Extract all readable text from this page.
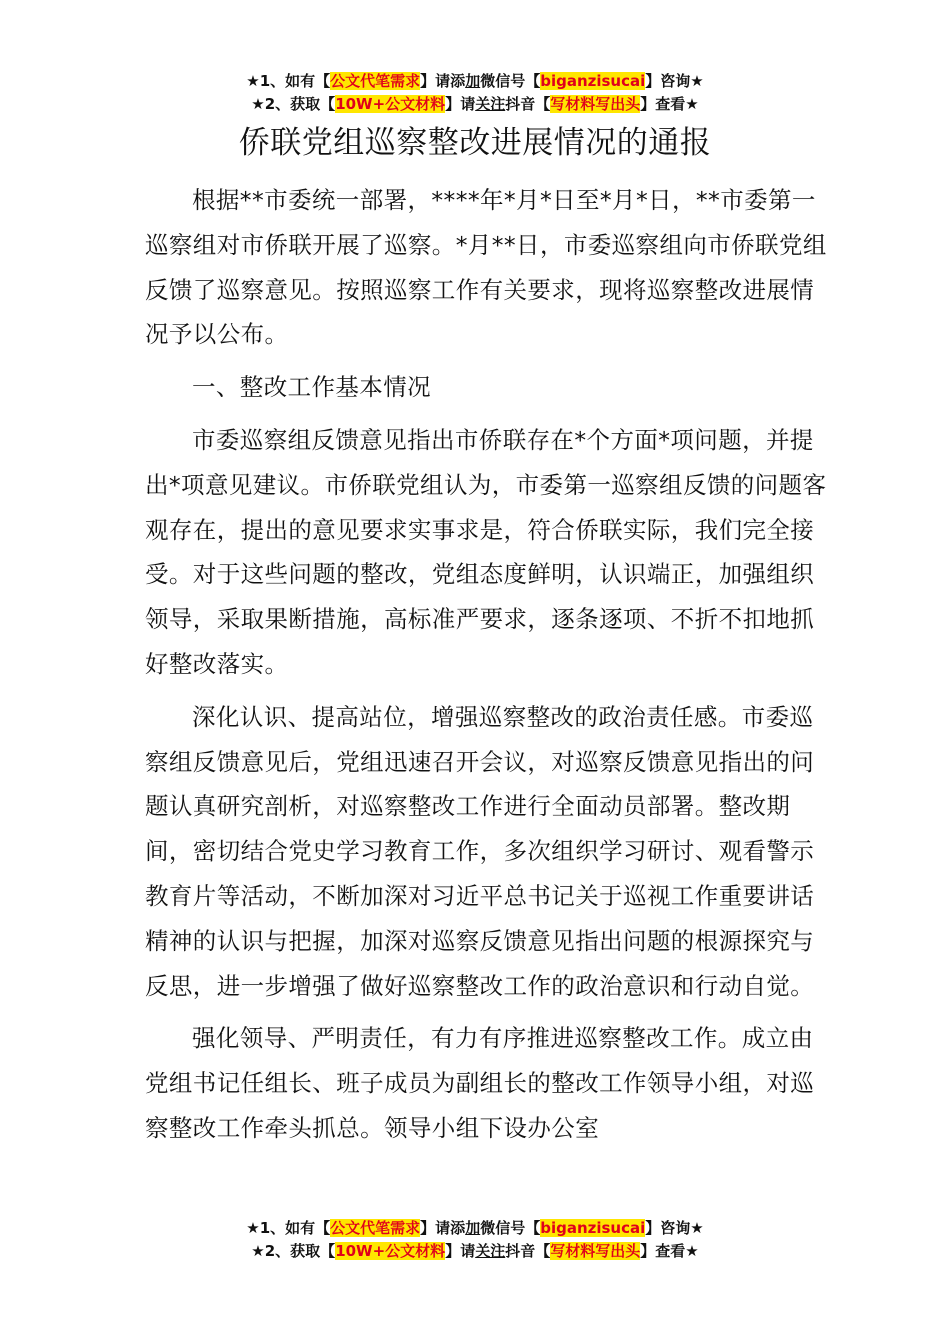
★1、如有【公文代笔需求】请添加微信号【biganzisucai】咨询★
★2、获取【10W+公文材料】请关注抖音【写材料写出头】查看★
侨联党组巡察整改进展情况的通报

根据**市委统一部署，****年*月*日至*月*日，**市委第一巡察组对市侨联开展了巡察。*月**日，市委巡察组向市侨联党组反馈了巡察意见。按照巡察工作有关要求，现将巡察整改进展情况予以公布。

一、整改工作基本情况

市委巡察组反馈意见指出市侨联存在*个方面*项问题，并提出*项意见建议。市侨联党组认为，市委第一巡察组反馈的问题客观存在，提出的意见要求实事求是，符合侨联实际，我们完全接受。对于这些问题的整改，党组态度鲜明，认识端正，加强组织领导，采取果断措施，高标准严要求，逐条逐项、不折不扣地抓好整改落实。

深化认识、提高站位，增强巡察整改的政治责任感。市委巡察组反馈意见后，党组迅速召开会议，对巡察反馈意见指出的问题认真研究剖析，对巡察整改工作进行全面动员部署。整改期间，密切结合党史学习教育工作，多次组织学习研讨、观看警示教育片等活动，不断加深对习近平总书记关于巡视工作重要讲话精神的认识与把握，加深对巡察反馈意见指出问题的根源探究与反思，进一步增强了做好巡察整改工作的政治意识和行动自觉。

强化领导、严明责任，有力有序推进巡察整改工作。成立由党组书记任组长、班子成员为副组长的整改工作领导小组，对巡察整改工作牵头抓总。领导小组下设办公室

★1、如有【公文代笔需求】请添加微信号【biganzisucai】咨询★
★2、获取【10W+公文材料】请关注抖音【写材料写出头】查看★
